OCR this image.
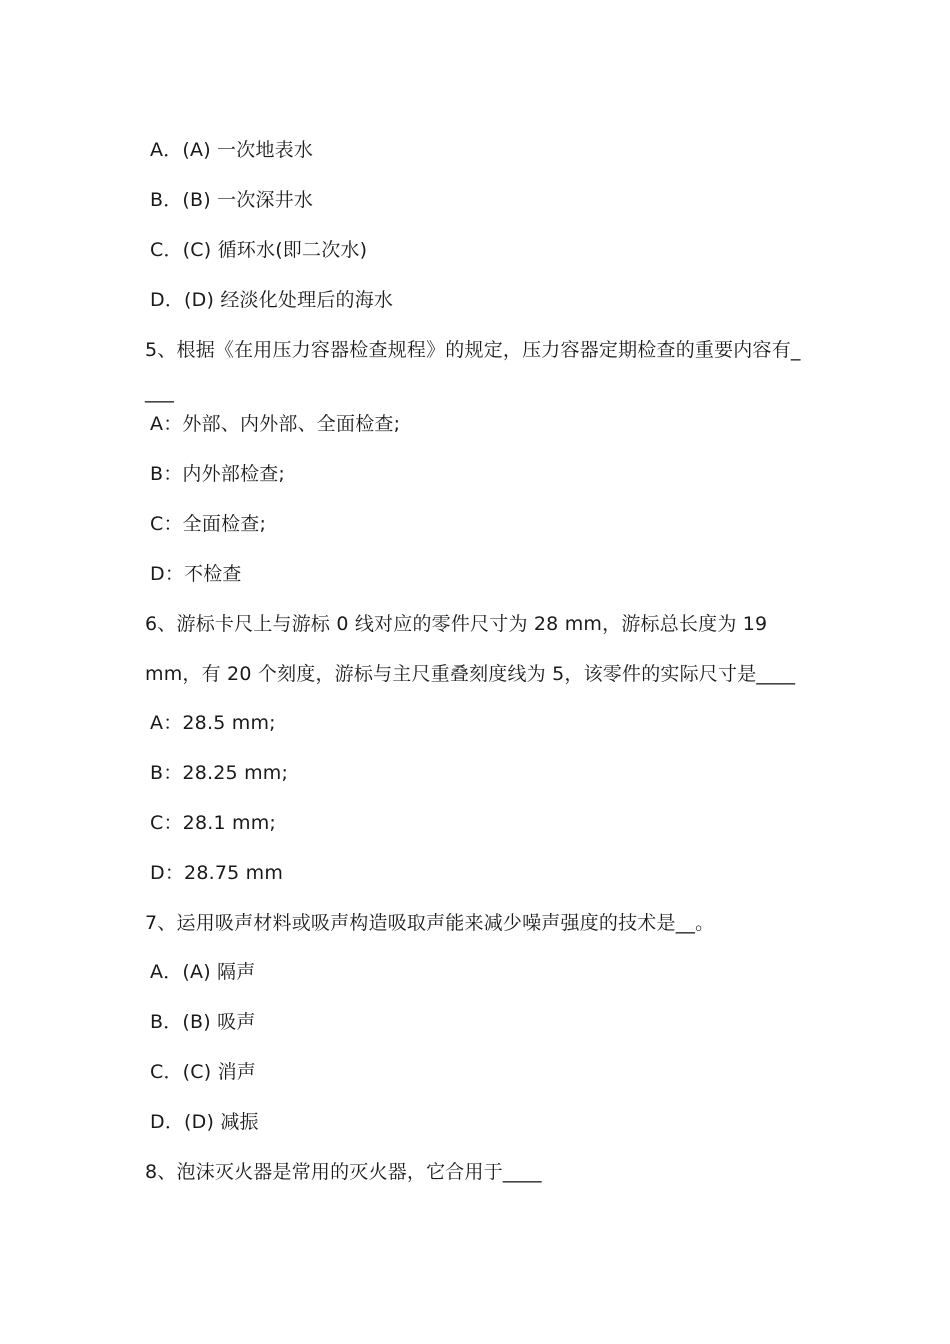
A．(A) 一次地表水
B．(B) 一次深井水
C．(C) 循环水(即二次水)
D．(D) 经淡化处理后的海水
5、根据《在用压力容器检查规程》的规定，压力容器定期检查的重要内容有_
___
A：外部、内外部、全面检查;
B：内外部检查;
C：全面检查;
D：不检查
6、游标卡尺上与游标 0 线对应的零件尺寸为 28 mm，游标总长度为 19
mm，有 20 个刻度，游标与主尺重叠刻度线为 5，该零件的实际尺寸是____
A：28.5 mm;
B：28.25 mm;
C：28.1 mm;
D：28.75 mm
7、运用吸声材料或吸声构造吸取声能来减少噪声强度的技术是__。
A．(A) 隔声
B．(B) 吸声
C．(C) 消声
D．(D) 减振
8、泡沫灭火器是常用的灭火器，它合用于____
